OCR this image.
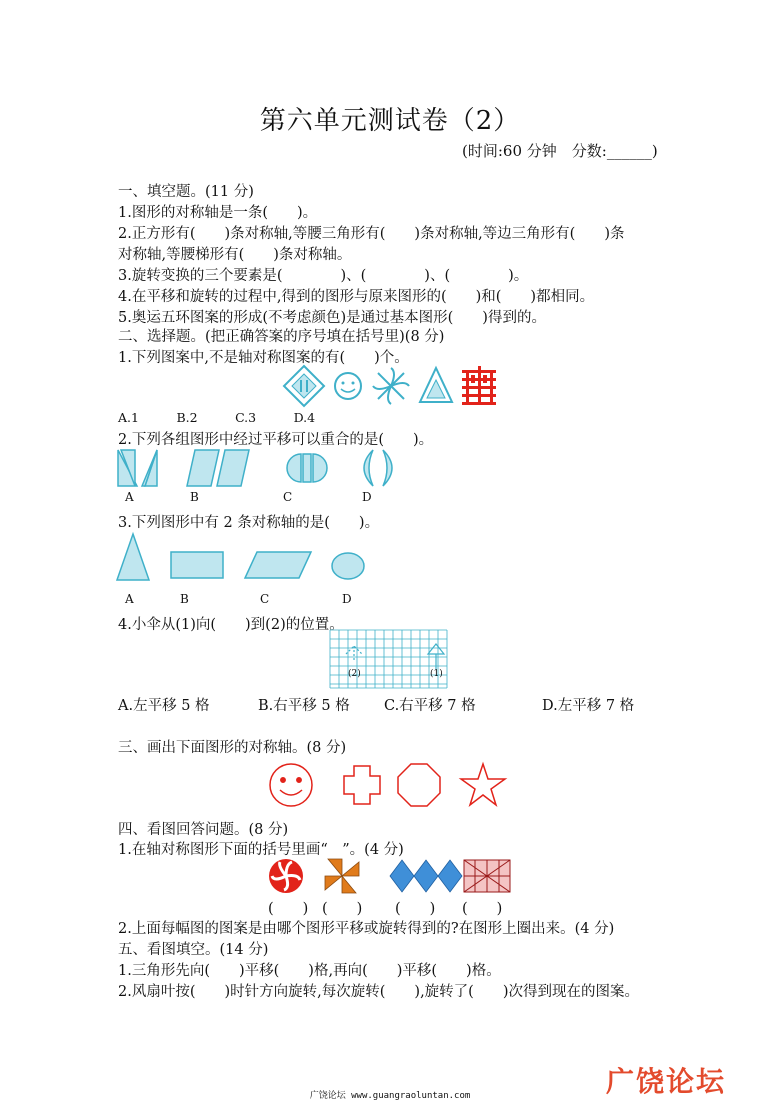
第六单元测试卷（2）
(时间:60 分钟　分数:______)
一、填空题。(11 分)
1.图形的对称轴是一条(　　)。
2.正方形有(　　)条对称轴,等腰三角形有(　　)条对称轴,等边三角形有(　　)条
对称轴,等腰梯形有(　　)条对称轴。
3.旋转变换的三个要素是(　　　　)、(　　　　)、(　　　　)。
4.在平移和旋转的过程中,得到的图形与原来图形的(　　)和(　　)都相同。
5.奥运五环图案的形成(不考虑颜色)是通过基本图形(　　)得到的。
二、选择题。(把正确答案的序号填在括号里)(8 分)
1.下列图案中,不是轴对称图案的有(　　)个。
A.1　　　B.2　　　C.3　　　D.4
2.下列各组图形中经过平移可以重合的是(　　)。
A	B	C	D
3.下列图形中有 2 条对称轴的是(　　)。
A	B	C	D
4.小伞从(1)向(　　)到(2)的位置。
(2)	(1)
A.左平移 5 格	B.右平移 5 格 C.右平移 7 格	D.左平移 7 格
三、画出下面图形的对称轴。(8 分)
四、看图回答问题。(8 分)
1.在轴对称图形下面的括号里画“　”。(4 分)
(　　) (　　) (　　) (　　)
2.上面每幅图的图案是由哪个图形平移或旋转得到的?在图形上圈出来。(4 分)
五、看图填空。(14 分)
1.三角形先向(　　)平移(　　)格,再向(　　)平移(　　)格。
2.风扇叶按(　　)时针方向旋转,每次旋转(　　),旋转了(　　)次得到现在的图案。
广饶论坛 www.guangraoluntan.com	广饶论坛
